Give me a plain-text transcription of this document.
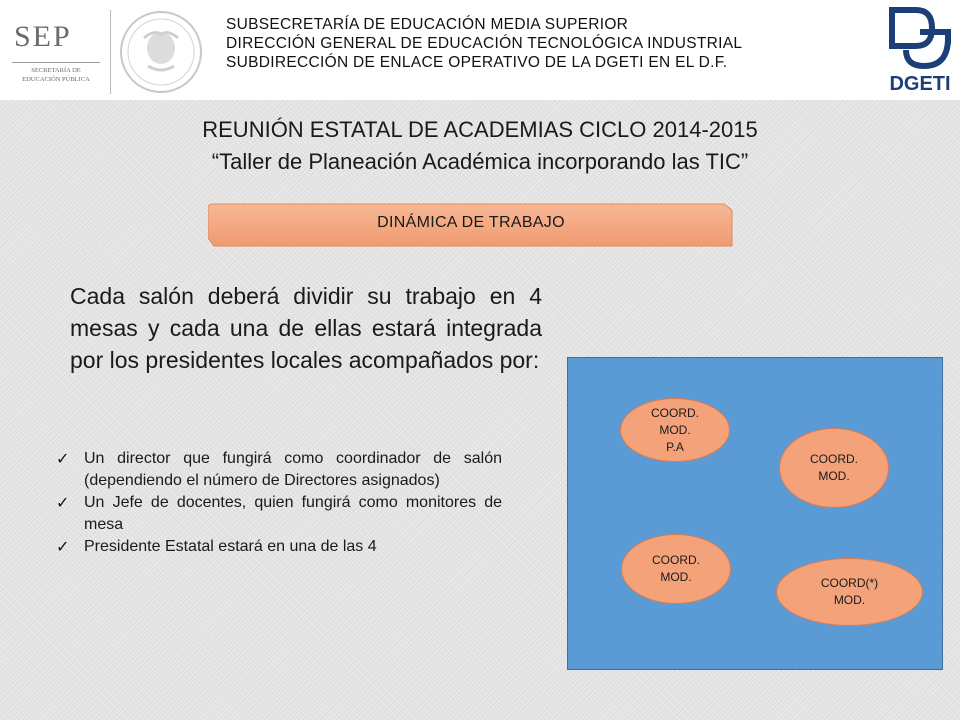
SEP
SECRETARÍA DE
EDUCACIÓN PÚBLICA
SUBSECRETARÍA DE EDUCACIÓN MEDIA SUPERIOR
DIRECCIÓN GENERAL DE EDUCACIÓN TECNOLÓGICA INDUSTRIAL
SUBDIRECCIÓN DE ENLACE OPERATIVO DE LA DGETI EN EL D.F.
DGETI
REUNIÓN ESTATAL DE ACADEMIAS CICLO 2014-2015
“Taller de Planeación Académica incorporando las TIC”
DINÁMICA DE TRABAJO
Cada salón deberá dividir su trabajo en 4 mesas y cada una de ellas estará integrada por los presidentes locales acompañados por:
✓ Un director que fungirá como coordinador de salón (dependiendo el número de Directores asignados)
✓ Un Jefe de docentes, quien fungirá como monitores de mesa
✓ Presidente Estatal estará en una de las 4
COORD.
MOD.
P.A
COORD.
MOD.
COORD.
MOD.	COORD(*)
MOD.
